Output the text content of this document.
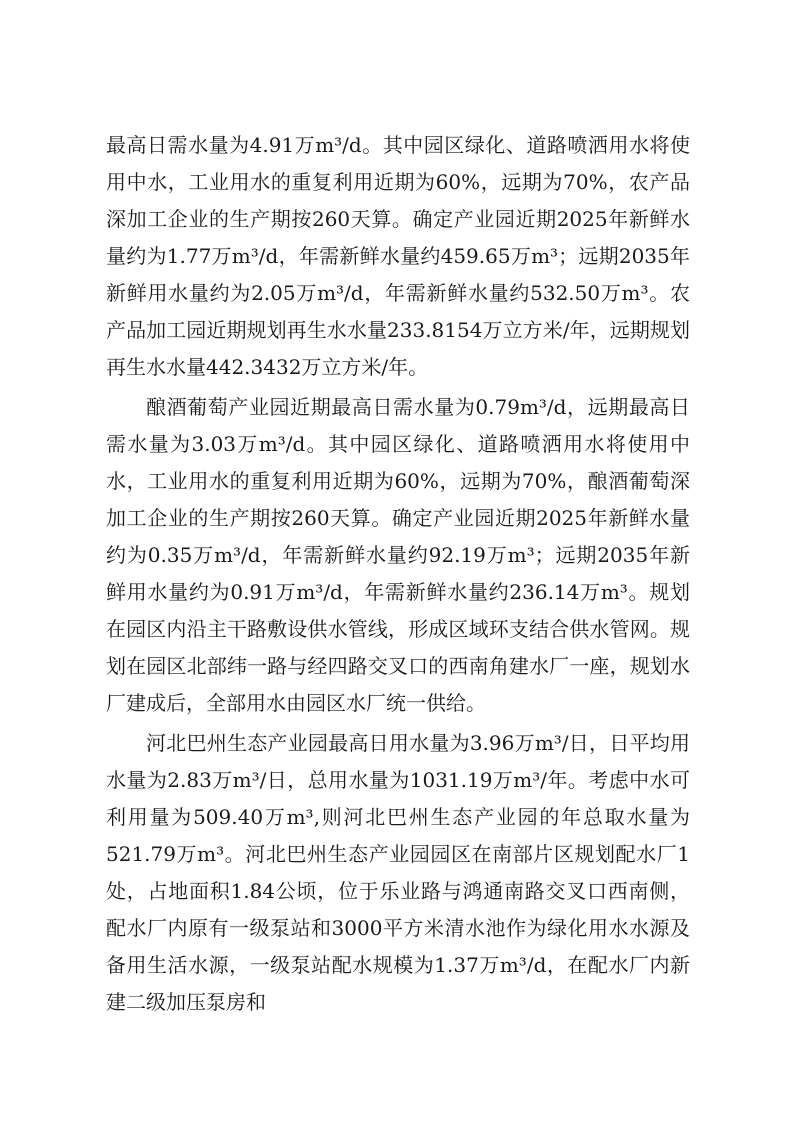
最高日需水量为4.91万m³/d。其中园区绿化、道路喷洒用水将使用中水，工业用水的重复利用近期为60%，远期为70%，农产品深加工企业的生产期按260天算。确定产业园近期2025年新鲜水量约为1.77万m³/d，年需新鲜水量约459.65万m³；远期2035年新鲜用水量约为2.05万m³/d，年需新鲜水量约532.50万m³。农产品加工园近期规划再生水水量233.8154万立方米/年，远期规划再生水水量442.3432万立方米/年。

酿酒葡萄产业园近期最高日需水量为0.79m³/d，远期最高日需水量为3.03万m³/d。其中园区绿化、道路喷洒用水将使用中水，工业用水的重复利用近期为60%，远期为70%，酿酒葡萄深加工企业的生产期按260天算。确定产业园近期2025年新鲜水量约为0.35万m³/d，年需新鲜水量约92.19万m³；远期2035年新鲜用水量约为0.91万m³/d，年需新鲜水量约236.14万m³。规划在园区内沿主干路敷设供水管线，形成区域环支结合供水管网。规划在园区北部纬一路与经四路交叉口的西南角建水厂一座，规划水厂建成后，全部用水由园区水厂统一供给。

河北巴州生态产业园最高日用水量为3.96万m³/日，日平均用水量为2.83万m³/日，总用水量为1031.19万m³/年。考虑中水可利用量为509.40万m³,则河北巴州生态产业园的年总取水量为521.79万m³。河北巴州生态产业园园区在南部片区规划配水厂1处，占地面积1.84公顷，位于乐业路与鸿通南路交叉口西南侧，配水厂内原有一级泵站和3000平方米清水池作为绿化用水水源及备用生活水源，一级泵站配水规模为1.37万m³/d，在配水厂内新建二级加压泵房和
